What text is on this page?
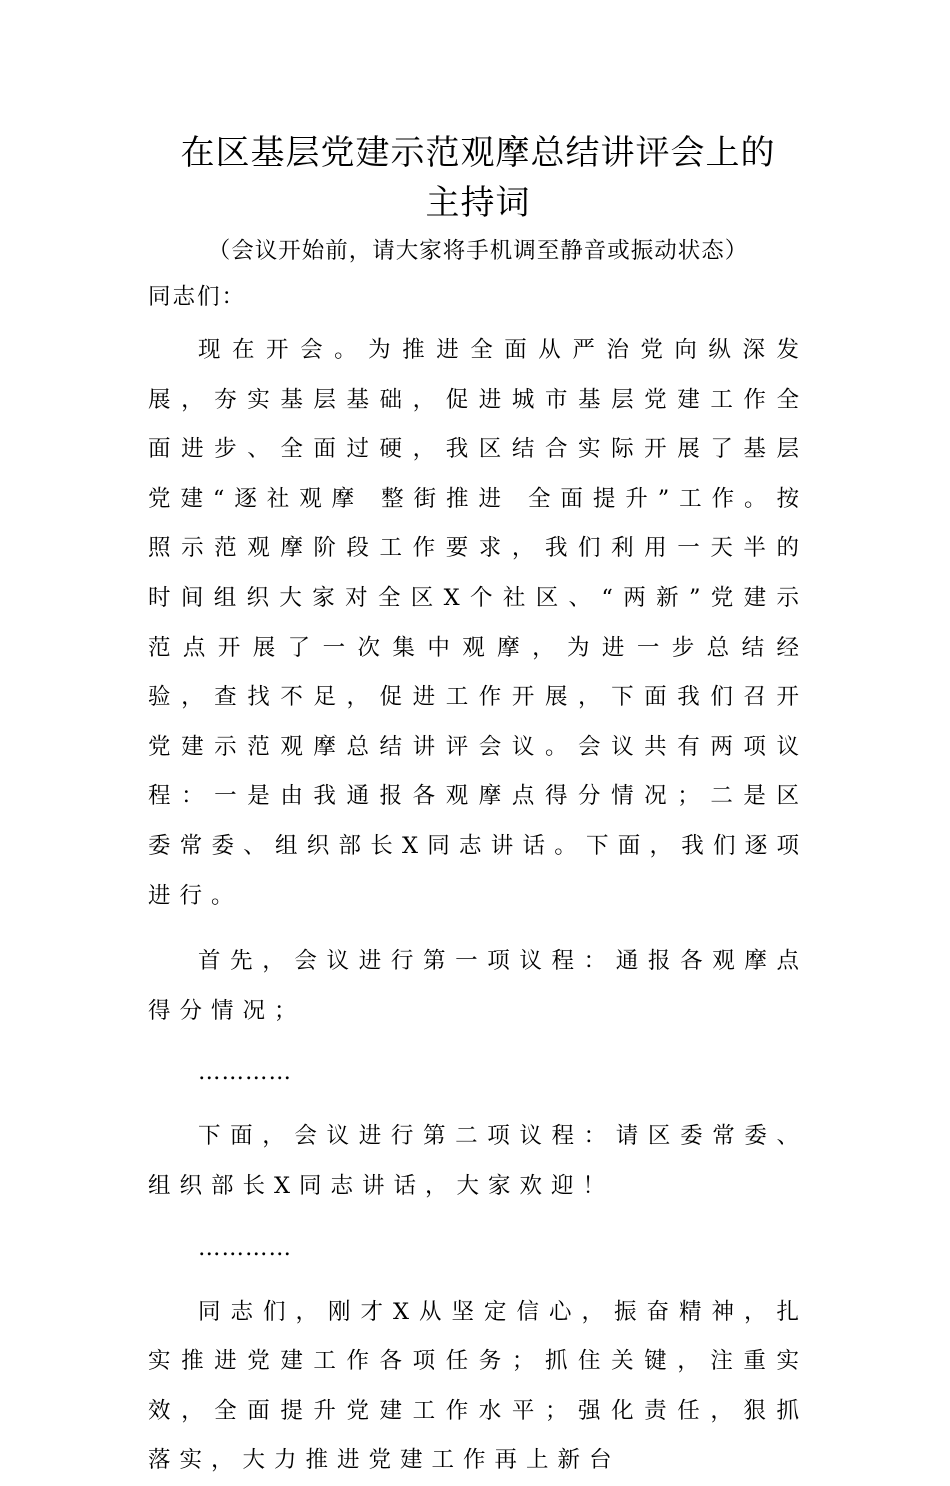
在区基层党建示范观摩总结讲评会上的
主持词

（会议开始前，请大家将手机调至静音或振动状态）

同志们：

现在开会。为推进全面从严治党向纵深发展，夯实基层基础，促进城市基层党建工作全面进步、全面过硬，我区结合实际开展了基层党建“逐社观摩 整街推进 全面提升”工作。按照示范观摩阶段工作要求，我们利用一天半的时间组织大家对全区X个社区、“两新”党建示范点开展了一次集中观摩，为进一步总结经验，查找不足，促进工作开展，下面我们召开党建示范观摩总结讲评会议。会议共有两项议程：一是由我通报各观摩点得分情况；二是区委常委、组织部长X同志讲话。下面，我们逐项进行。

首先，会议进行第一项议程：通报各观摩点得分情况；

…………

下面，会议进行第二项议程：请区委常委、组织部长X同志讲话，大家欢迎！

…………

同志们，刚才X从坚定信心，振奋精神，扎实推进党建工作各项任务；抓住关键，注重实效，全面提升党建工作水平；强化责任，狠抓落实，大力推进党建工作再上新台
